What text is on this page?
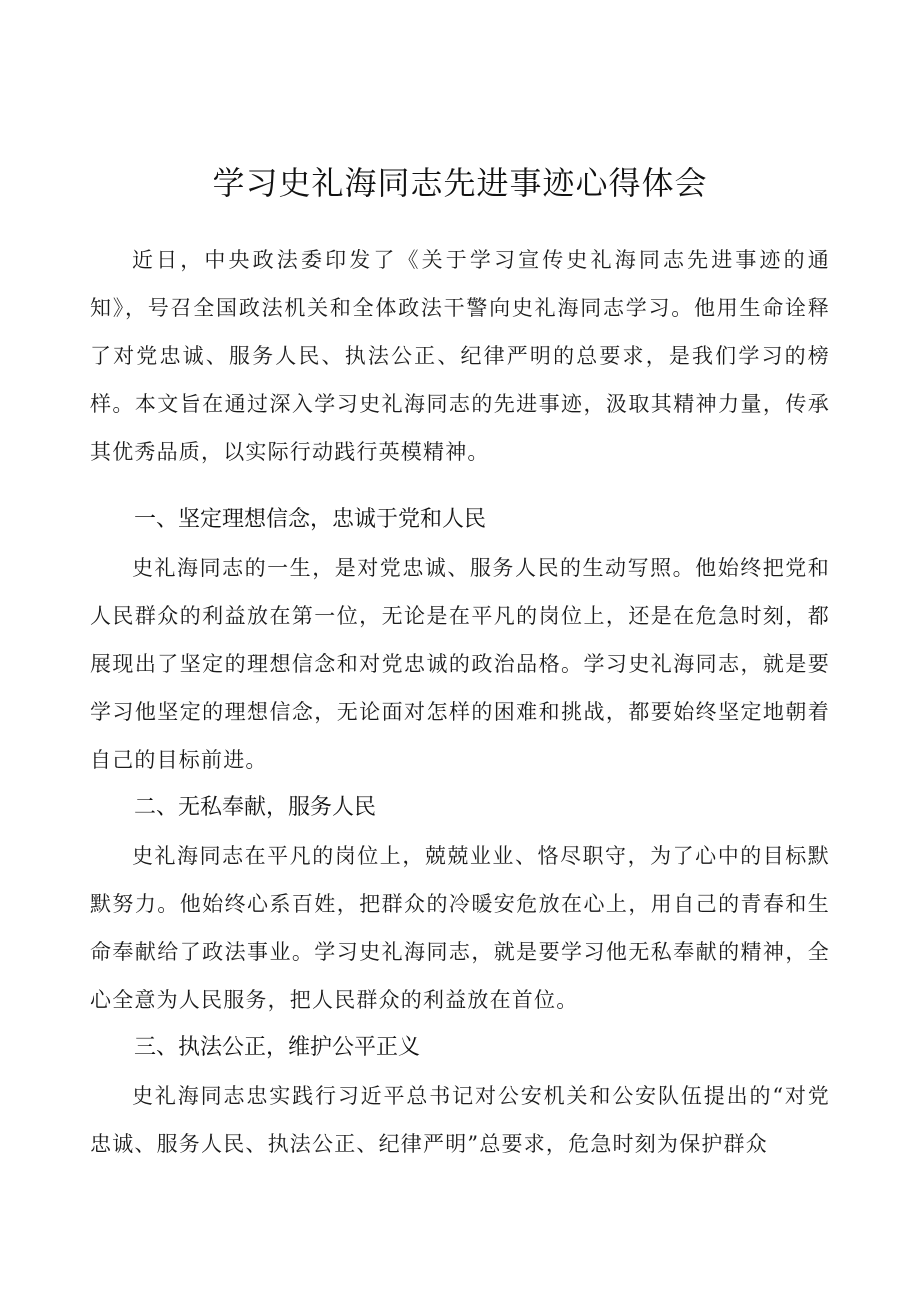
学习史礼海同志先进事迹心得体会

近日，中央政法委印发了《关于学习宣传史礼海同志先进事迹的通知》，号召全国政法机关和全体政法干警向史礼海同志学习。他用生命诠释了对党忠诚、服务人民、执法公正、纪律严明的总要求，是我们学习的榜样。本文旨在通过深入学习史礼海同志的先进事迹，汲取其精神力量，传承其优秀品质，以实际行动践行英模精神。

一、坚定理想信念，忠诚于党和人民

史礼海同志的一生，是对党忠诚、服务人民的生动写照。他始终把党和人民群众的利益放在第一位，无论是在平凡的岗位上，还是在危急时刻，都展现出了坚定的理想信念和对党忠诚的政治品格。学习史礼海同志，就是要学习他坚定的理想信念，无论面对怎样的困难和挑战，都要始终坚定地朝着自己的目标前进。

二、无私奉献，服务人民

史礼海同志在平凡的岗位上，兢兢业业、恪尽职守，为了心中的目标默默努力。他始终心系百姓，把群众的冷暖安危放在心上，用自己的青春和生命奉献给了政法事业。学习史礼海同志，就是要学习他无私奉献的精神，全心全意为人民服务，把人民群众的利益放在首位。

三、执法公正，维护公平正义

史礼海同志忠实践行习近平总书记对公安机关和公安队伍提出的“对党忠诚、服务人民、执法公正、纪律严明”总要求，危急时刻为保护群众
